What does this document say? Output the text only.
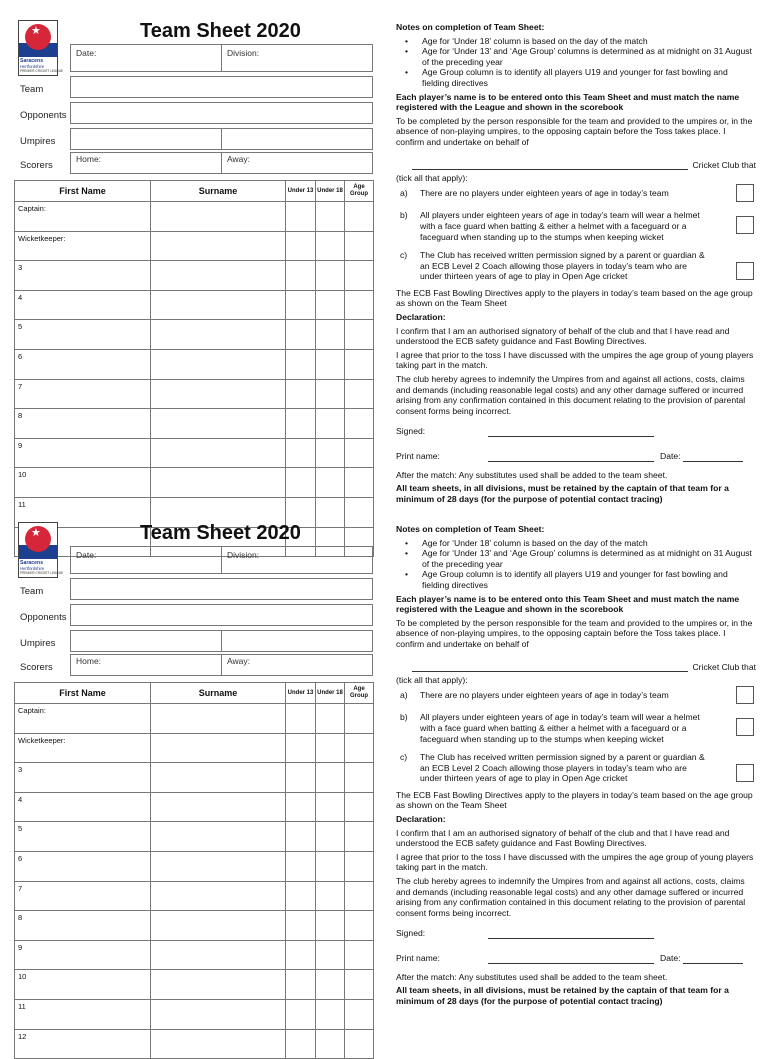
★
Saracens
Hertfordshire
PREMIER CRICKET LEAGUE
Team Sheet 2020
Date:	Division:
Team
Opponents
Umpires
Scorers
Home:	Away:
First Name	Surname	Under 13	Under 18	Age Group
Captain:				
Wicketkeeper:				
3				
4				
5				
6				
7				
8				
9				
10				
11				

Notes on completion of Team Sheet:

• Age for ‘Under 18’ column is based on the day of the match
• Age for ‘Under 13’ and ‘Age Group’ columns is determined as at midnight on 31 August of the preceding year
• Age Group column is to identify all players U19 and younger for fast bowling and fielding directives

Each player’s name is to be entered onto this Team Sheet and must match the name registered with the League and shown in the scorebook

To be completed by the person responsible for the team and provided to the umpires or, in the absence of non-playing umpires, to the opposing captain before the Toss takes place. I confirm and undertake on behalf of

Cricket Club that

(tick all that apply):

a)	There are no players under eighteen years of age in today’s team
b)	All players under eighteen years of age in today’s team will wear a helmet with a face guard when batting & either a helmet with a faceguard or a faceguard when standing up to the stumps when keeping wicket
c)	The Club has received written permission signed by a parent or guardian & an ECB Level 2 Coach allowing those players in today’s team who are under thirteen years of age to play in Open Age cricket

The ECB Fast Bowling Directives apply to the players in today’s team based on the age group as shown on the Team Sheet

Declaration:

I confirm that I am an authorised signatory of behalf of the club and that I have read and understood the ECB safety guidance and Fast Bowling Directives.

I agree that prior to the toss I have discussed with the umpires the age group of young players taking part in the match.

The club hereby agrees to indemnify the Umpires from and against all actions, costs, claims and demands (including reasonable legal costs) and any other damage suffered or incurred arising from any confirmation contained in this document relating to the provision of parental consent forms being incorrect.

Signed:
Print name:	Date:

After the match: Any substitutes used shall be added to the team sheet.

All team sheets, in all divisions, must be retained by the captain of that team for a minimum of 28 days (for the purpose of potential contact tracing)

★
Saracens
Hertfordshire
PREMIER CRICKET LEAGUE
Team Sheet 2020
Date:	Division:
Team
Opponents
Umpires
Scorers
Home:	Away:
First Name	Surname	Under 13	Under 18	Age Group
Captain:				
Wicketkeeper:				
3				
4				
5				
6				
7				
8				
9				
10				
11				
12				

Notes on completion of Team Sheet:

• Age for ‘Under 18’ column is based on the day of the match
• Age for ‘Under 13’ and ‘Age Group’ columns is determined as at midnight on 31 August of the preceding year
• Age Group column is to identify all players U19 and younger for fast bowling and fielding directives

Each player’s name is to be entered onto this Team Sheet and must match the name registered with the League and shown in the scorebook

To be completed by the person responsible for the team and provided to the umpires or, in the absence of non-playing umpires, to the opposing captain before the Toss takes place. I confirm and undertake on behalf of

Cricket Club that

(tick all that apply):

a)	There are no players under eighteen years of age in today’s team
b)	All players under eighteen years of age in today’s team will wear a helmet with a face guard when batting & either a helmet with a faceguard or a faceguard when standing up to the stumps when keeping wicket
c)	The Club has received written permission signed by a parent or guardian & an ECB Level 2 Coach allowing those players in today’s team who are under thirteen years of age to play in Open Age cricket

The ECB Fast Bowling Directives apply to the players in today’s team based on the age group as shown on the Team Sheet

Declaration:

I confirm that I am an authorised signatory of behalf of the club and that I have read and understood the ECB safety guidance and Fast Bowling Directives.

I agree that prior to the toss I have discussed with the umpires the age group of young players taking part in the match.

The club hereby agrees to indemnify the Umpires from and against all actions, costs, claims and demands (including reasonable legal costs) and any other damage suffered or incurred arising from any confirmation contained in this document relating to the provision of parental consent forms being incorrect.

Signed:
Print name:	Date:

After the match: Any substitutes used shall be added to the team sheet.

All team sheets, in all divisions, must be retained by the captain of that team for a minimum of 28 days (for the purpose of potential contact tracing)
